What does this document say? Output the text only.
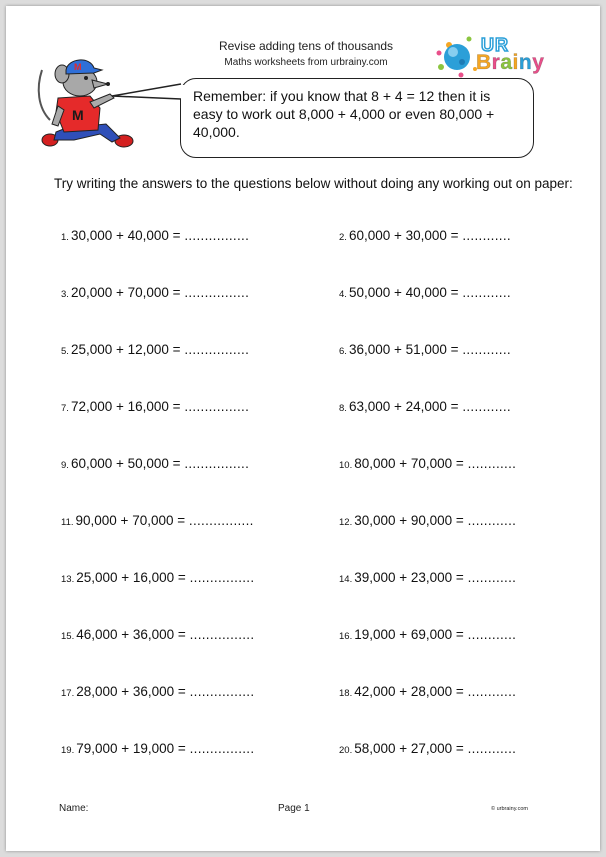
Revise adding tens of thousands
Maths worksheets from urbrainy.com
UR
Brainy
M
M
Remember: if you know that 8 + 4 = 12 then it is easy to work out 8,000 + 4,000 or even 80,000 + 40,000.
Try writing the answers to the questions below without doing any working out on paper:
1. 30,000 + 40,000 = ................	2. 60,000 + 30,000 = ............
3. 20,000 + 70,000 = ................	4. 50,000 + 40,000 = ............
5. 25,000 + 12,000 = ................	6. 36,000 + 51,000 = ............
7. 72,000 + 16,000 = ................	8. 63,000 + 24,000 = ............
9. 60,000 + 50,000 = ................	10. 80,000 + 70,000 = ............
11. 90,000 + 70,000 = ................	12. 30,000 + 90,000 = ............
13. 25,000 + 16,000 = ................	14. 39,000 + 23,000 = ............
15. 46,000 + 36,000 = ................	16. 19,000 + 69,000 = ............
17. 28,000 + 36,000 = ................	18. 42,000 + 28,000 = ............
19. 79,000 + 19,000 = ................	20. 58,000 + 27,000 = ............
Name:	Page 1	© urbrainy.com
